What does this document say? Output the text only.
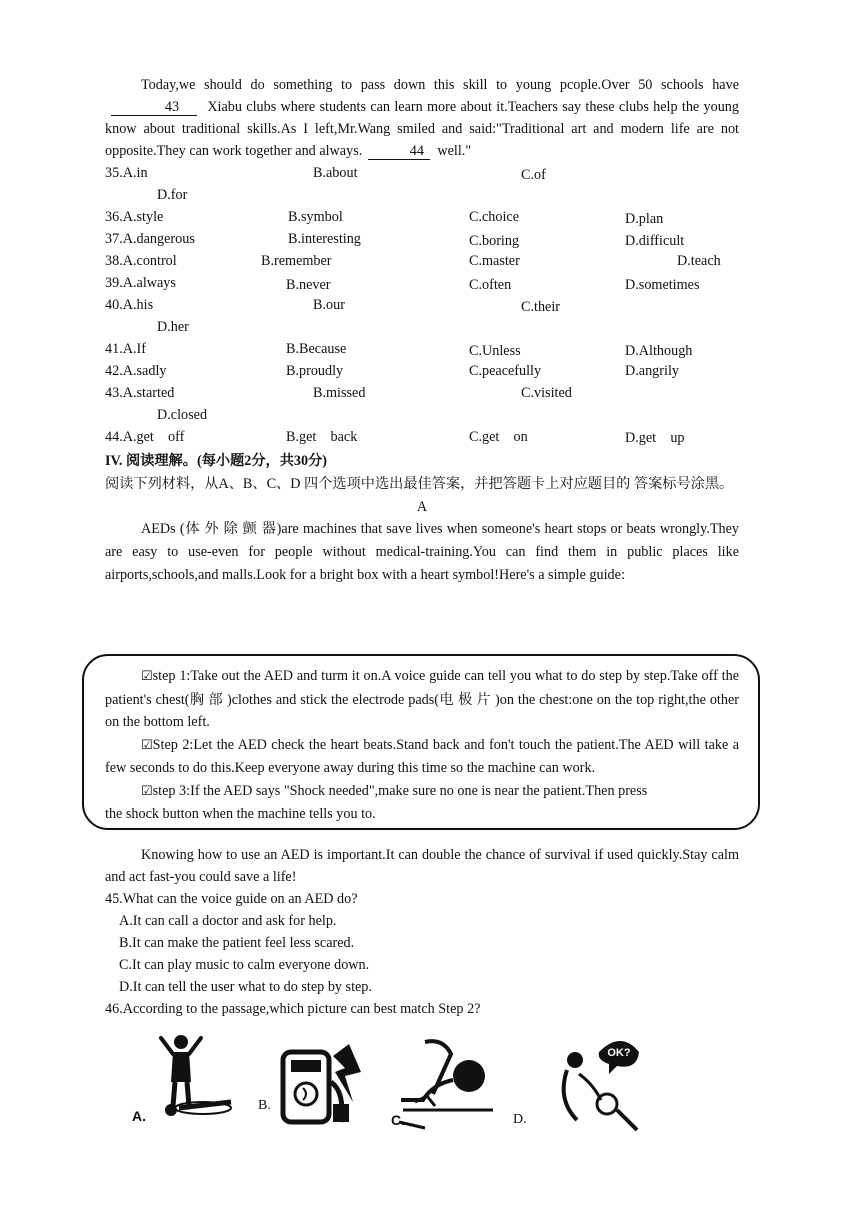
Today,we should do something to pass down this skill to young pcople.Over 50 schools have 43 Xiabu clubs where students can learn more about it.Teachers say these clubs help the young know about traditional skills.As I left,Mr.Wang smiled and said:"Traditional art and modern life are not opposite.They can work together and always.	44 well."

35.A.in	B.about	C.of
D.for
36.A.style	B.symbol	C.choice	D.plan
37.A.dangerous	B.interesting	C.boring	D.difficult
38.A.control	B.remember	C.master	D.teach
39.A.always	B.never	C.often	D.sometimes
40.A.his	B.our	C.their
D.her
41.A.If	B.Because	C.Unless	D.Although
42.A.sadly	B.proudly	C.peacefully	D.angrily
43.A.started	B.missed	C.visited
D.closed
44.A.get　off	B.get　back	C.get　on	D.get　up
IV. 阅读理解。(每小题2分，共30分)

阅读下列材料，从A、B、C、D 四个选项中选出最佳答案，并把答题卡上对应题目的 答案标号涂黑。

A

AEDs (体 外 除 颤 器)are machines that save lives when someone's heart stops or beats wrongly.They are easy to use-even for people without medical-training.You can find them in public places like airports,schools,and malls.Look for a bright box with a heart symbol!Here's a simple guide:

☑step 1:Take out the AED and turm it on.A voice guide can tell you what to do step by step.Take off the patient's chest(胸 部 )clothes and stick the electrode pads(电 极 片 )on the chest:one on the top right,the other on the bottom left.

☑Step 2:Let the AED check the heart beats.Stand back and fon't touch the patient.The AED will take a few seconds to do this.Keep everyone away during this time so the machine can work.

☑step 3:If the AED says "Shock needed",make sure no one is near the patient.Then press

the shock button when the machine tells you to.

Knowing how to use an AED is important.It can double the chance of survival if used quickly.Stay calm and act fast-you could save a life!

45.What can the voice guide on an AED do?
A.It can call a doctor and ask for help.
B.It can make the patient feel less scared.
C.It can play music to calm everyone down.
D.It can tell the user what to do step by step.
46.According to the passage,which picture can best match Step 2?
A.
B.
C.	D.
OK?
